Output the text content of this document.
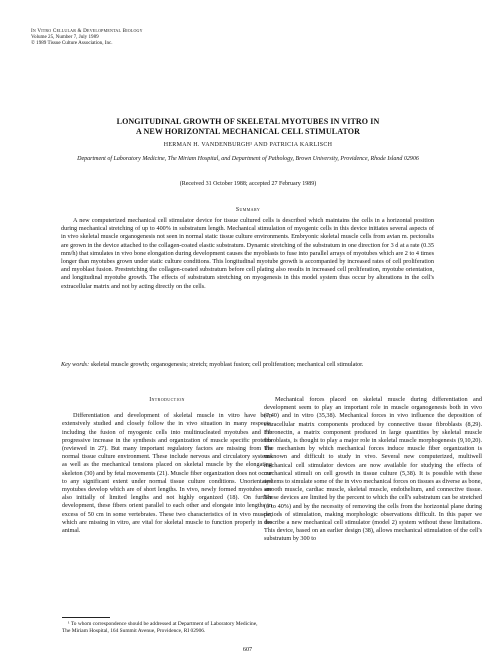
In Vitro Cellular & Developmental Biology
Volume 25, Number 7, July 1989
© 1989 Tissue Culture Association, Inc.
LONGITUDINAL GROWTH OF SKELETAL MYOTUBES IN VITRO IN
A NEW HORIZONTAL MECHANICAL CELL STIMULATOR
HERMAN H. VANDENBURGH¹ AND PATRICIA KARLISCH
Department of Laboratory Medicine, The Miriam Hospital, and Department of Pathology, Brown University, Providence, Rhode Island 02906
(Received 31 October 1988; accepted 27 February 1989)
Summary

A new computerized mechanical cell stimulator device for tissue cultured cells is described which maintains the cells in a horizontal position during mechanical stretching of up to 400% in substratum length. Mechanical stimulation of myogenic cells in this device initiates several aspects of in vivo skeletal muscle organogenesis not seen in normal static tissue culture environments. Embryonic skeletal muscle cells from avian m. pectoralis are grown in the device attached to the collagen-coated elastic substratum. Dynamic stretching of the substratum in one direction for 3 d at a rate (0.35 mm/h) that simulates in vivo bone elongation during development causes the myoblasts to fuse into parallel arrays of myotubes which are 2 to 4 times longer than myotubes grown under static culture conditions. This longitudinal myotube growth is accompanied by increased rates of cell proliferation and myoblast fusion. Prestretching the collagen-coated substratum before cell plating also results in increased cell proliferation, myotube orientation, and longitudinal myotube growth. The effects of substratum stretching on myogenesis in this model system thus occur by alterations in the cell's extracellular matrix and not by acting directly on the cells.

Key words: skeletal muscle growth; organogenesis; stretch; myoblast fusion; cell proliferation; mechanical cell stimulator.

Introduction

Differentiation and development of skeletal muscle in vitro have been extensively studied and closely follow the in vivo situation in many respects, including the fusion of myogenic cells into multinucleated myotubes and the progressive increase in the synthesis and organization of muscle specific proteins (reviewed in 27). But many important regulatory factors are missing from the normal tissue culture environment. These include nervous and circulatory systems as well as the mechanical tensions placed on skeletal muscle by the elongating skeleton (30) and by fetal movements (21). Muscle fiber organization does not occur to any significant extent under normal tissue culture conditions. Unorientated myotubes develop which are of short lengths. In vivo, newly formed myotubes are also initially of limited lengths and not highly organized (18). On further development, these fibers orient parallel to each other and elongate into lengths in excess of 50 cm in some vertebrates. These two characteristics of in vivo muscle, which are missing in vitro, are vital for skeletal muscle to function properly in the animal.

Mechanical forces placed on skeletal muscle during differentiation and development seem to play an important role in muscle organogenesis both in vivo (7,40) and in vitro (35,38). Mechanical forces in vivo influence the deposition of extracellular matrix components produced by connective tissue fibroblasts (8,29). Fibronectin, a matrix component produced in large quantities by skeletal muscle fibroblasts, is thought to play a major role in skeletal muscle morphogenesis (9,10,20). The mechanism by which mechanical forces induce muscle fiber organization is unknown and difficult to study in vivo. Several new computerized, multiwell mechanical cell stimulator devices are now available for studying the effects of mechanical stimuli on cell growth in tissue culture (5,38). It is possible with these systems to simulate some of the in vivo mechanical forces on tissues as diverse as bone, smooth muscle, cardiac muscle, skeletal muscle, endothelium, and connective tissue. These devices are limited by the percent to which the cell's substratum can be stretched (0 to 40%) and by the necessity of removing the cells from the horizontal plane during periods of stimulation, making morphologic observations difficult. In this paper we describe a new mechanical cell stimulator (model 2) system without these limitations. This device, based on an earlier design (38), allows mechanical stimulation of the cell's substratum by 300 to

¹ To whom correspondence should be addressed at Department of Laboratory Medicine, The Miriam Hospital, 164 Summit Avenue, Providence, RI 02906.

607
